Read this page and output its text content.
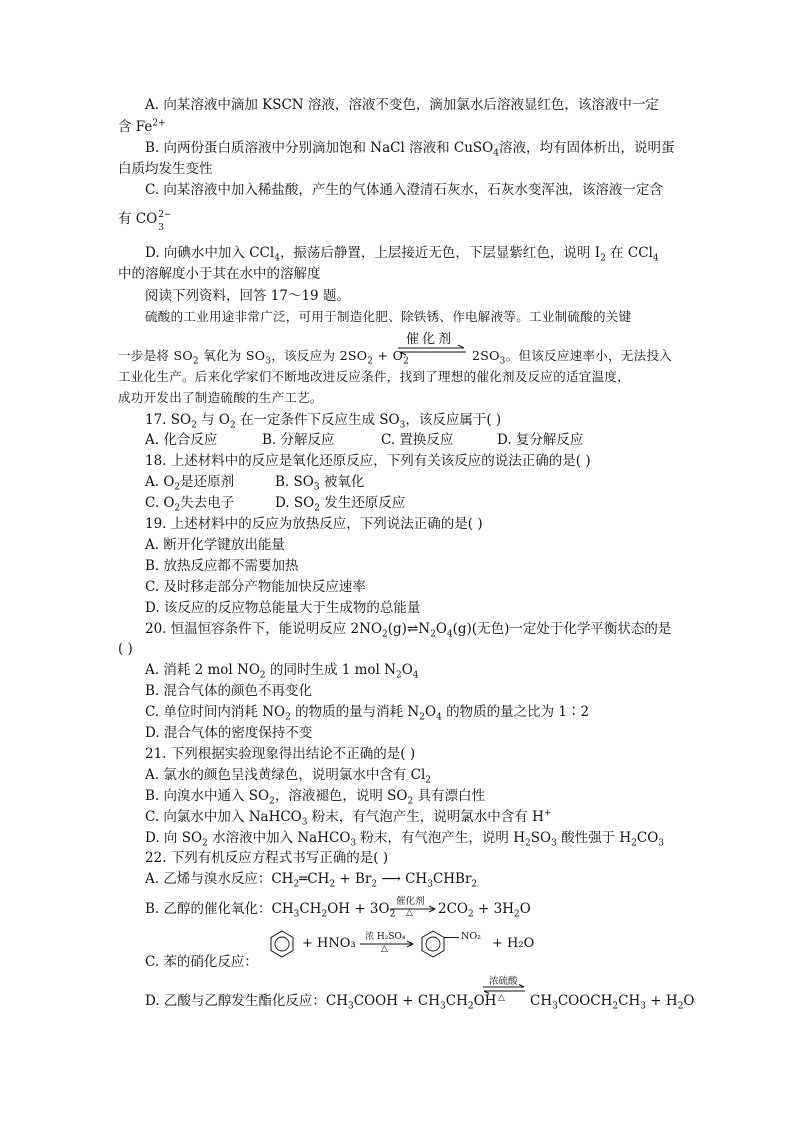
A. 向某溶液中滴加 KSCN 溶液，溶液不变色，滴加氯水后溶液显红色，该溶液中一定
含 $Fe^{2+}$
B. 向两份蛋白质溶液中分别滴加饱和 NaCl 溶液和 CuSO$_4$溶液，均有固体析出，说明蛋
白质均发生变性
C. 向某溶液中加入稀盐酸，产生的气体通入澄清石灰水，石灰水变浑浊，该溶液一定含
有 CO 2−
3
D. 向碘水中加入 CCl$_4$，振荡后静置，上层接近无色，下层显紫红色，说明 $I_2$ 在 CCl$_4$
中的溶解度小于其在水中的溶解度
阅读下列资料，回答 17～19 题。
硫酸的工业用途非常广泛，可用于制造化肥、除铁锈、作电解液等。工业制硫酸的关键
催化剂
一步是将 $SO_2$ 氧化为 $SO_3$，该反应为 $2SO_2 + O_2$	$2SO_3$。但该反应速率小，无法投入
工业化生产。后来化学家们不断地改进反应条件，找到了理想的催化剂及反应的适宜温度，
成功开发出了制造硫酸的生产工艺。
17. $SO_2$ 与 $O_2$ 在一定条件下反应生成 $SO_3$，该反应属于( )
A. 化合反应	B. 分解反应	C. 置换反应	D. 复分解反应
18. 上述材料中的反应是氧化还原反应，下列有关该反应的说法正确的是( )
A. $O_2$是还原剂	B. $SO_3$ 被氧化
C. $O_2$失去电子	D. $SO_2$ 发生还原反应
19. 上述材料中的反应为放热反应，下列说法正确的是( )
A. 断开化学键放出能量
B. 放热反应都不需要加热
C. 及时移走部分产物能加快反应速率
D. 该反应的反应物总能量大于生成物的总能量
20. 恒温恒容条件下，能说明反应 $2NO_2(g)\rightleftharpoons N_2O_4(g)$(无色)一定处于化学平衡状态的是
( )
A. 消耗 2 mol $NO_2$ 的同时生成 1 mol $N_2O_4$
B. 混合气体的颜色不再变化
C. 单位时间内消耗 $NO_2$ 的物质的量与消耗 $N_2O_4$ 的物质的量之比为 1∶2
D. 混合气体的密度保持不变
21. 下列根据实验现象得出结论不正确的是( )
A. 氯水的颜色呈浅黄绿色，说明氯水中含有 $Cl_2$
B. 向溴水中通入 $SO_2$，溶液褪色，说明 $SO_2$ 具有漂白性
C. 向氯水中加入 NaHCO$_3$ 粉末，有气泡产生，说明氯水中含有 H+
D. 向 $SO_2$ 水溶液中加入 NaHCO$_3$ 粉末，有气泡产生，说明 $H_2SO_3$ 酸性强于 $H_2CO_3$
22. 下列有机反应方程式书写正确的是( )
A. 乙烯与溴水反应：$CH_2═CH_2 + Br_2$ ⟶ $CH_3CHBr_2$
B. 乙醇的催化氧化：$CH_3CH_2OH + 3O_2$
催化剂
△ $2CO_2 + 3H_2O$
C. 苯的硝化反应：
+ HNO₃ 浓 H₂SO₄
△
NO₂ + H₂O
D. 乙酸与乙醇发生酯化反应：$CH_3COOH + CH_3CH_2OH$
浓硫酸
△ $CH_3COOCH_2CH_3 + H_2O$
